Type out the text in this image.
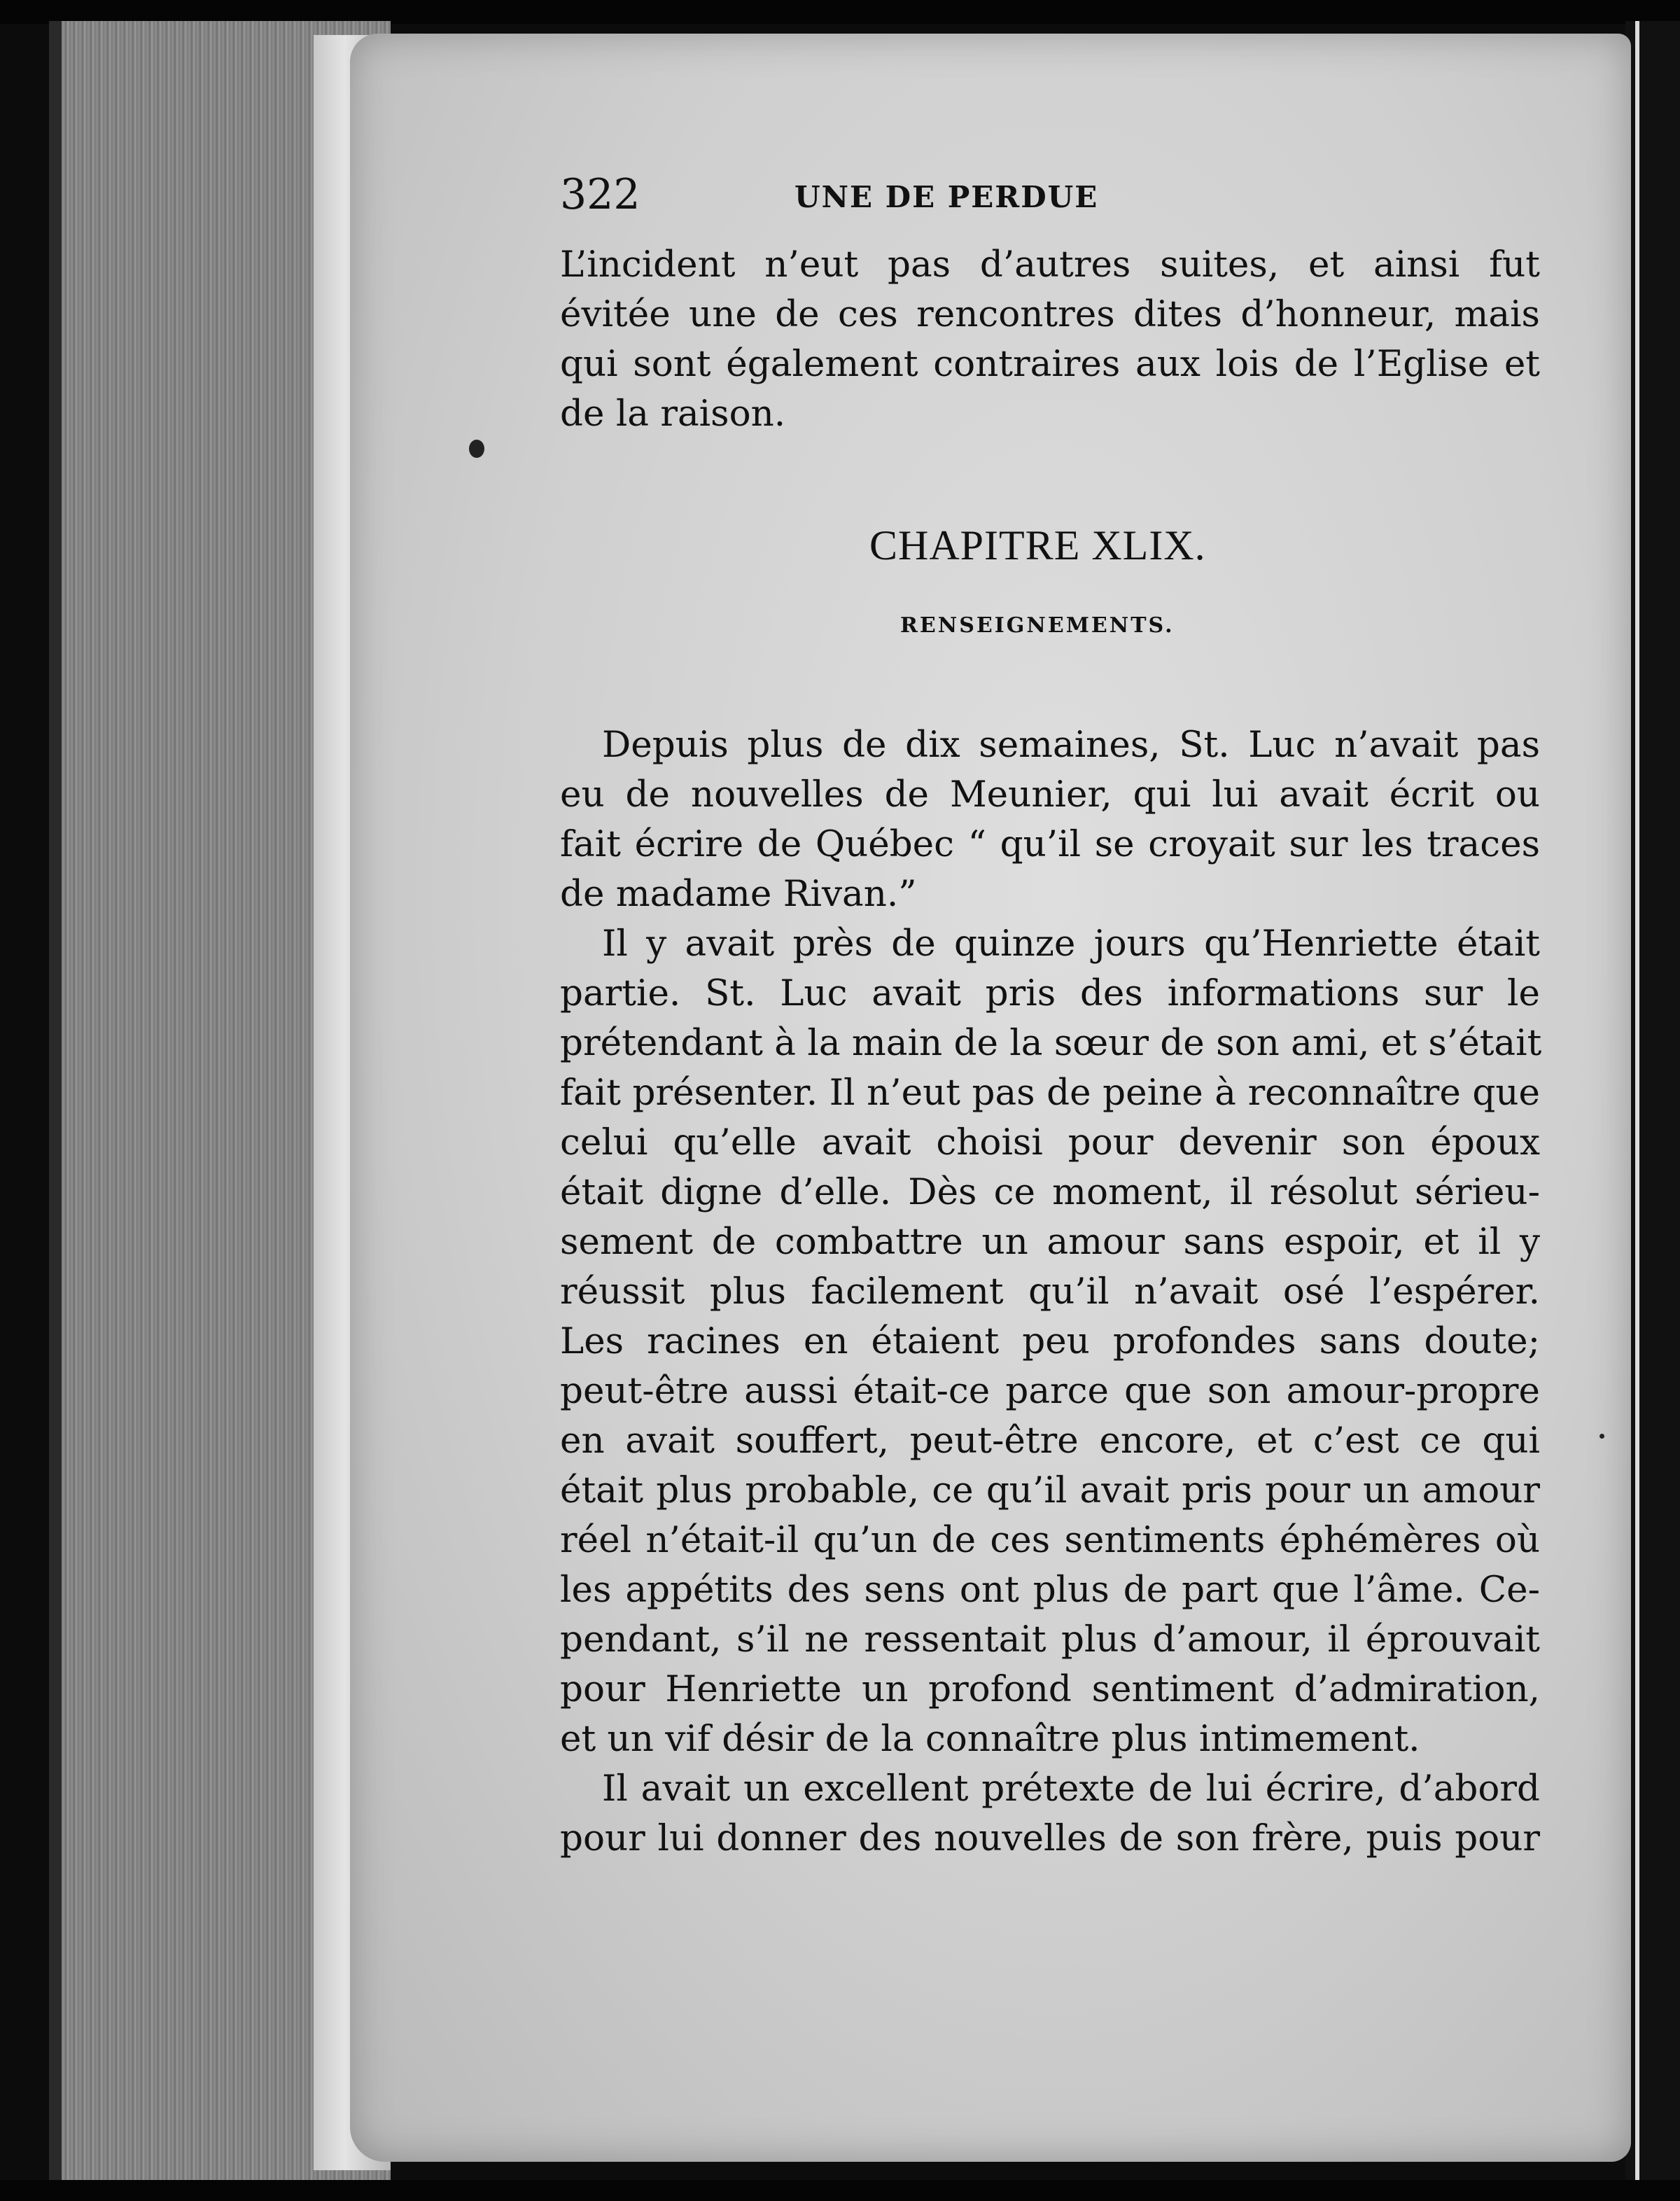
322	UNE DE PERDUE

L’incident n’eut pas d’autres suites, et ainsi fut
évitée une de ces rencontres dites d’honneur, mais
qui sont également contraires aux lois de l’Eglise et
de la raison.

CHAPITRE XLIX.
RENSEIGNEMENTS.

Depuis plus de dix semaines, St. Luc n’avait pas
eu de nouvelles de Meunier, qui lui avait écrit ou
fait écrire de Québec “ qu’il se croyait sur les traces
de madame Rivan.”

Il y avait près de quinze jours qu’Henriette était
partie. St. Luc avait pris des informations sur le
prétendant à la main de la sœur de son ami, et s’était
fait présenter. Il n’eut pas de peine à reconnaître que
celui qu’elle avait choisi pour devenir son époux
était digne d’elle. Dès ce moment, il résolut sérieu-
sement de combattre un amour sans espoir, et il y
réussit plus facilement qu’il n’avait osé l’espérer.
Les racines en étaient peu profondes sans doute;
peut-être aussi était-ce parce que son amour-propre
en avait souffert, peut-être encore, et c’est ce qui
était plus probable, ce qu’il avait pris pour un amour
réel n’était-il qu’un de ces sentiments éphémères où
les appétits des sens ont plus de part que l’âme. Ce-
pendant, s’il ne ressentait plus d’amour, il éprouvait
pour Henriette un profond sentiment d’admiration,
et un vif désir de la connaître plus intimement.

Il avait un excellent prétexte de lui écrire, d’abord
pour lui donner des nouvelles de son frère, puis pour
